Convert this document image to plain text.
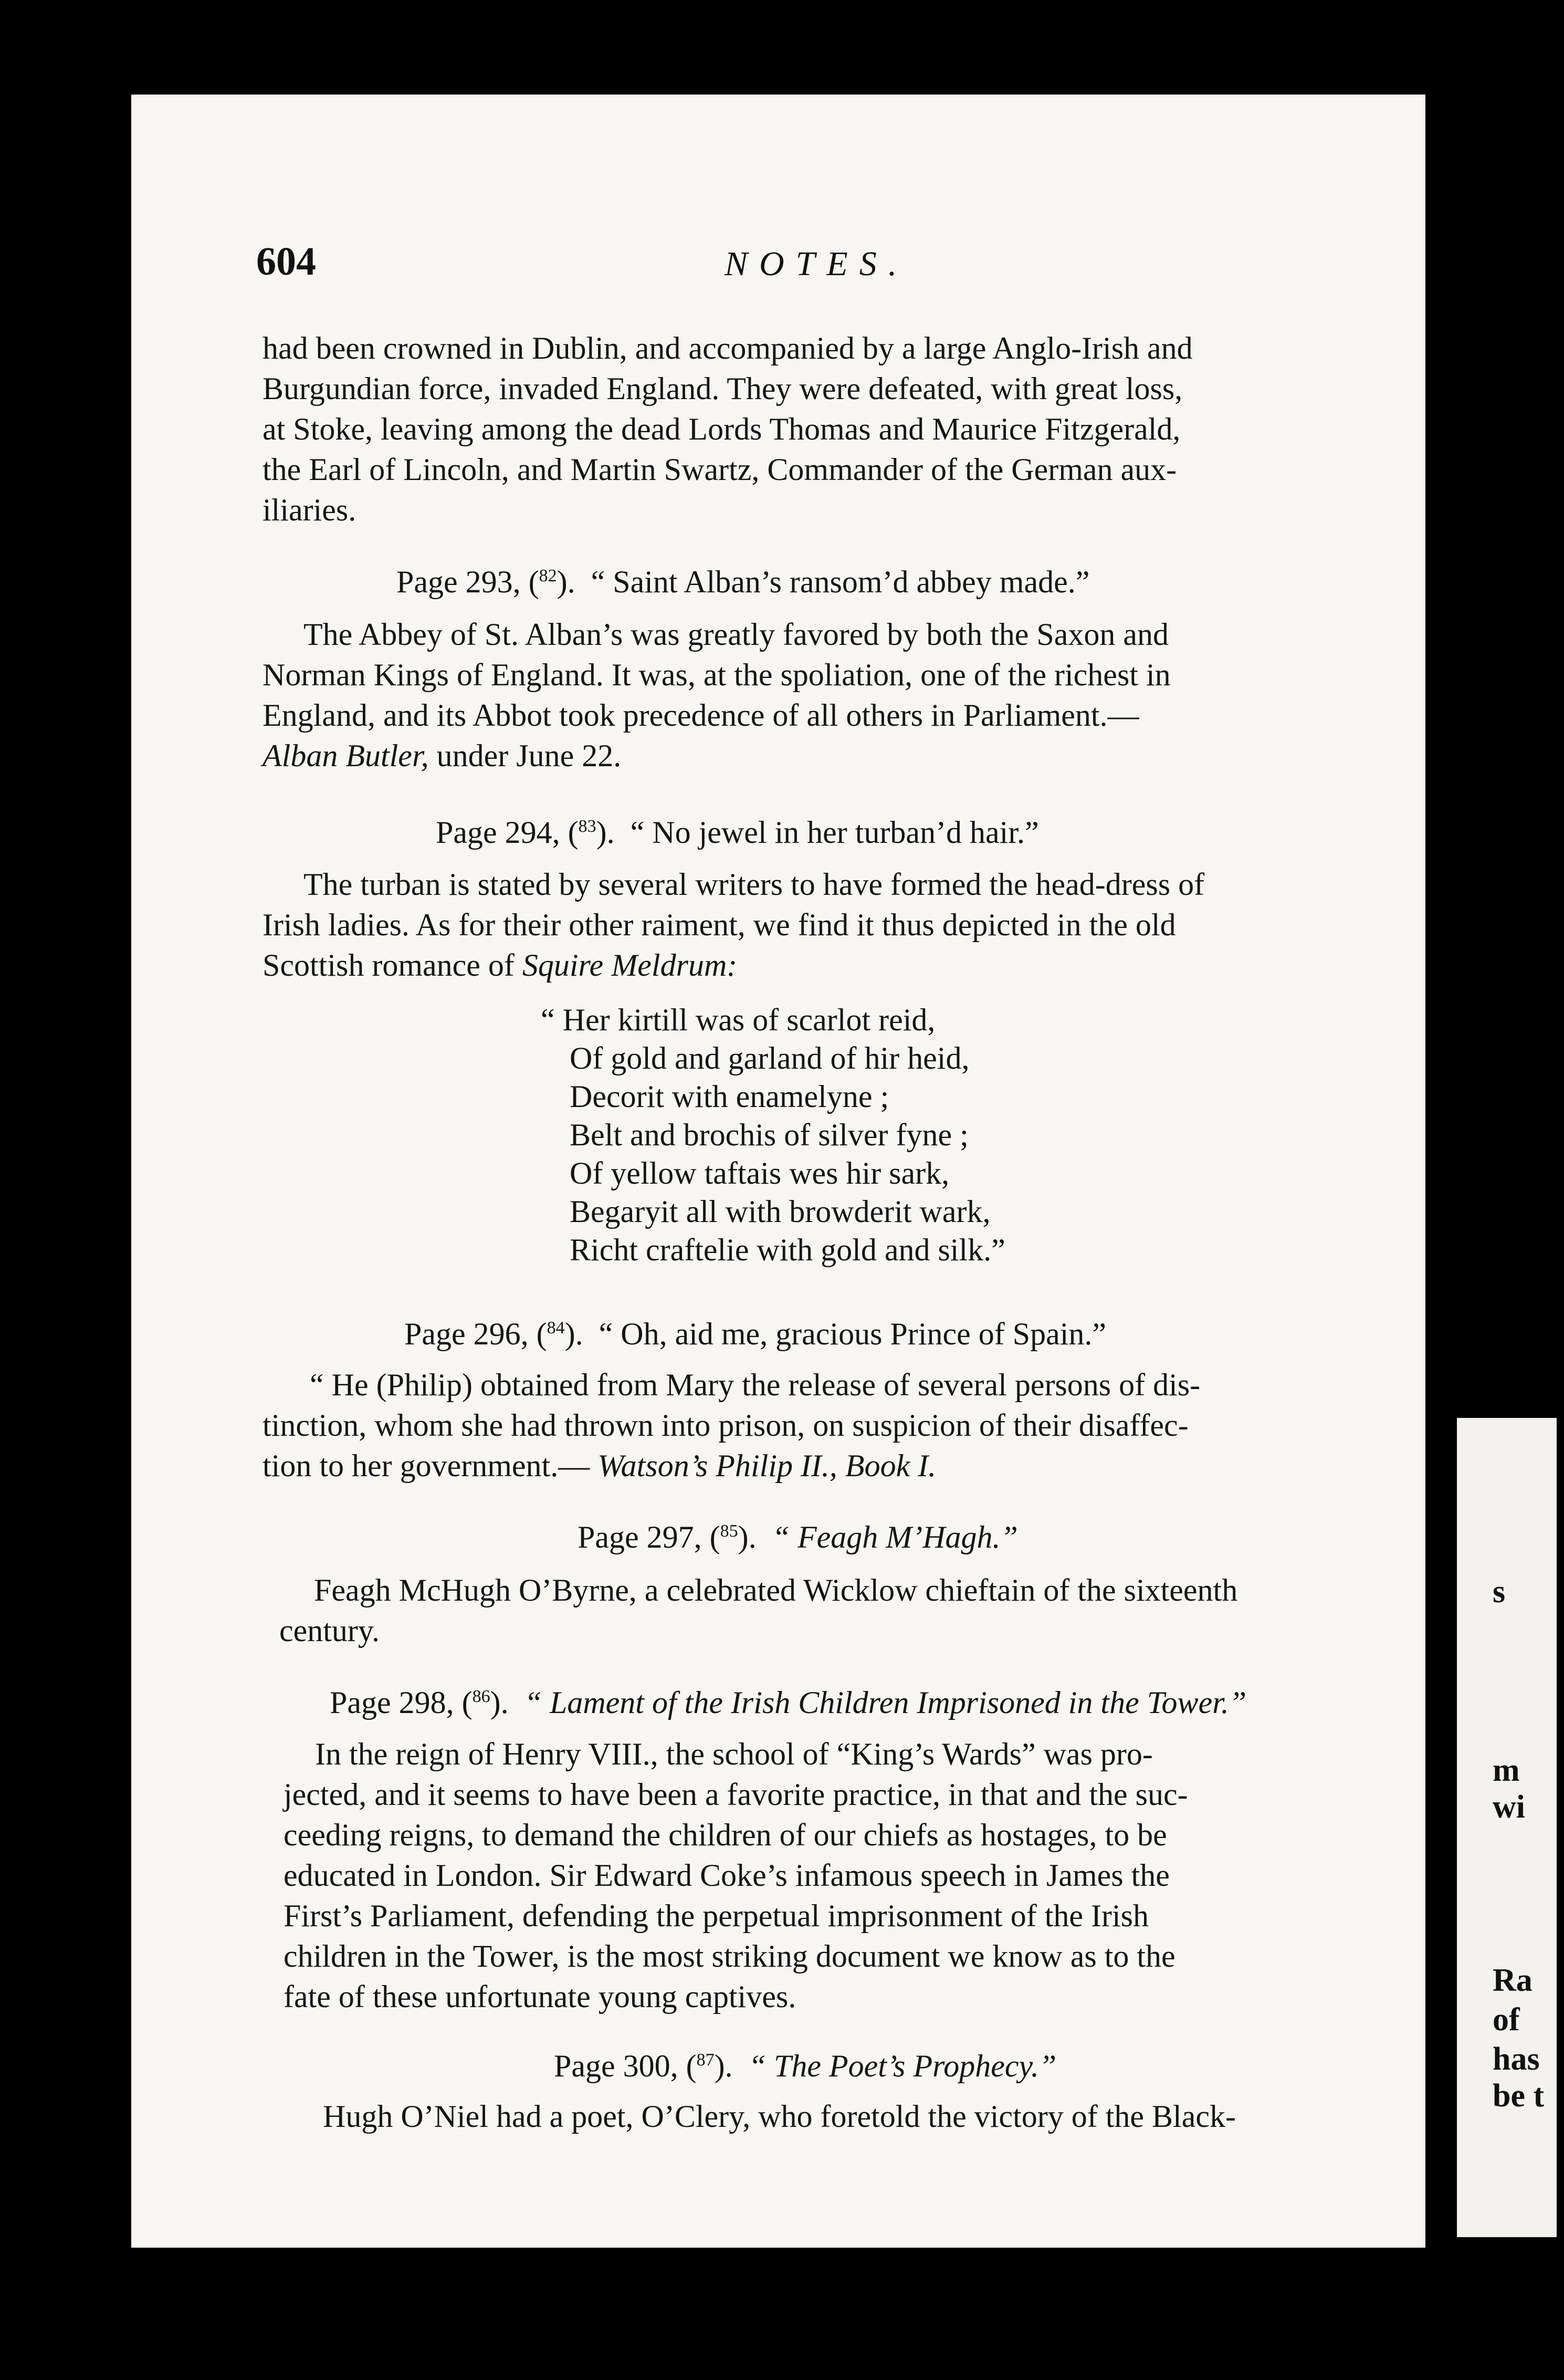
s
m
wi
Ra
of
has
be t
604	NOTES.
had been crowned in Dublin, and accompanied by a large Anglo-Irish and
Burgundian force, invaded England. They were defeated, with great loss,
at Stoke, leaving among the dead Lords Thomas and Maurice Fitzgerald,
the Earl of Lincoln, and Martin Swartz, Commander of the German aux-
iliaries.
Page 293, ($^{82}$). “ Saint Alban’s ransom’d abbey made.”
The Abbey of St. Alban’s was greatly favored by both the Saxon and
Norman Kings of England. It was, at the spoliation, one of the richest in
England, and its Abbot took precedence of all others in Parliament.—
Alban Butler, under June 22.
Page 294, ($^{83}$). “ No jewel in her turban’d hair.”
The turban is stated by several writers to have formed the head-dress of
Irish ladies. As for their other raiment, we find it thus depicted in the old
Scottish romance of Squire Meldrum:
“ Her kirtill was of scarlot reid,
Of gold and garland of hir heid,
Decorit with enamelyne ;
Belt and brochis of silver fyne ;
Of yellow taftais wes hir sark,
Begaryit all with browderit wark,
Richt craftelie with gold and silk.”
Page 296, ($^{84}$). “ Oh, aid me, gracious Prince of Spain.”
“ He (Philip) obtained from Mary the release of several persons of dis-
tinction, whom she had thrown into prison, on suspicion of their disaffec-
tion to her government.— Watson’s Philip II., Book I.
Page 297, ($^{85}$). “ Feagh M’Hagh.”
Feagh McHugh O’Byrne, a celebrated Wicklow chieftain of the sixteenth
century.
Page 298, ($^{86}$). “ Lament of the Irish Children Imprisoned in the Tower.”
In the reign of Henry VIII., the school of “King’s Wards” was pro-
jected, and it seems to have been a favorite practice, in that and the suc-
ceeding reigns, to demand the children of our chiefs as hostages, to be
educated in London. Sir Edward Coke’s infamous speech in James the
First’s Parliament, defending the perpetual imprisonment of the Irish
children in the Tower, is the most striking document we know as to the
fate of these unfortunate young captives.
Page 300, ($^{87}$). “ The Poet’s Prophecy.”
Hugh O’Niel had a poet, O’Clery, who foretold the victory of the Black-
